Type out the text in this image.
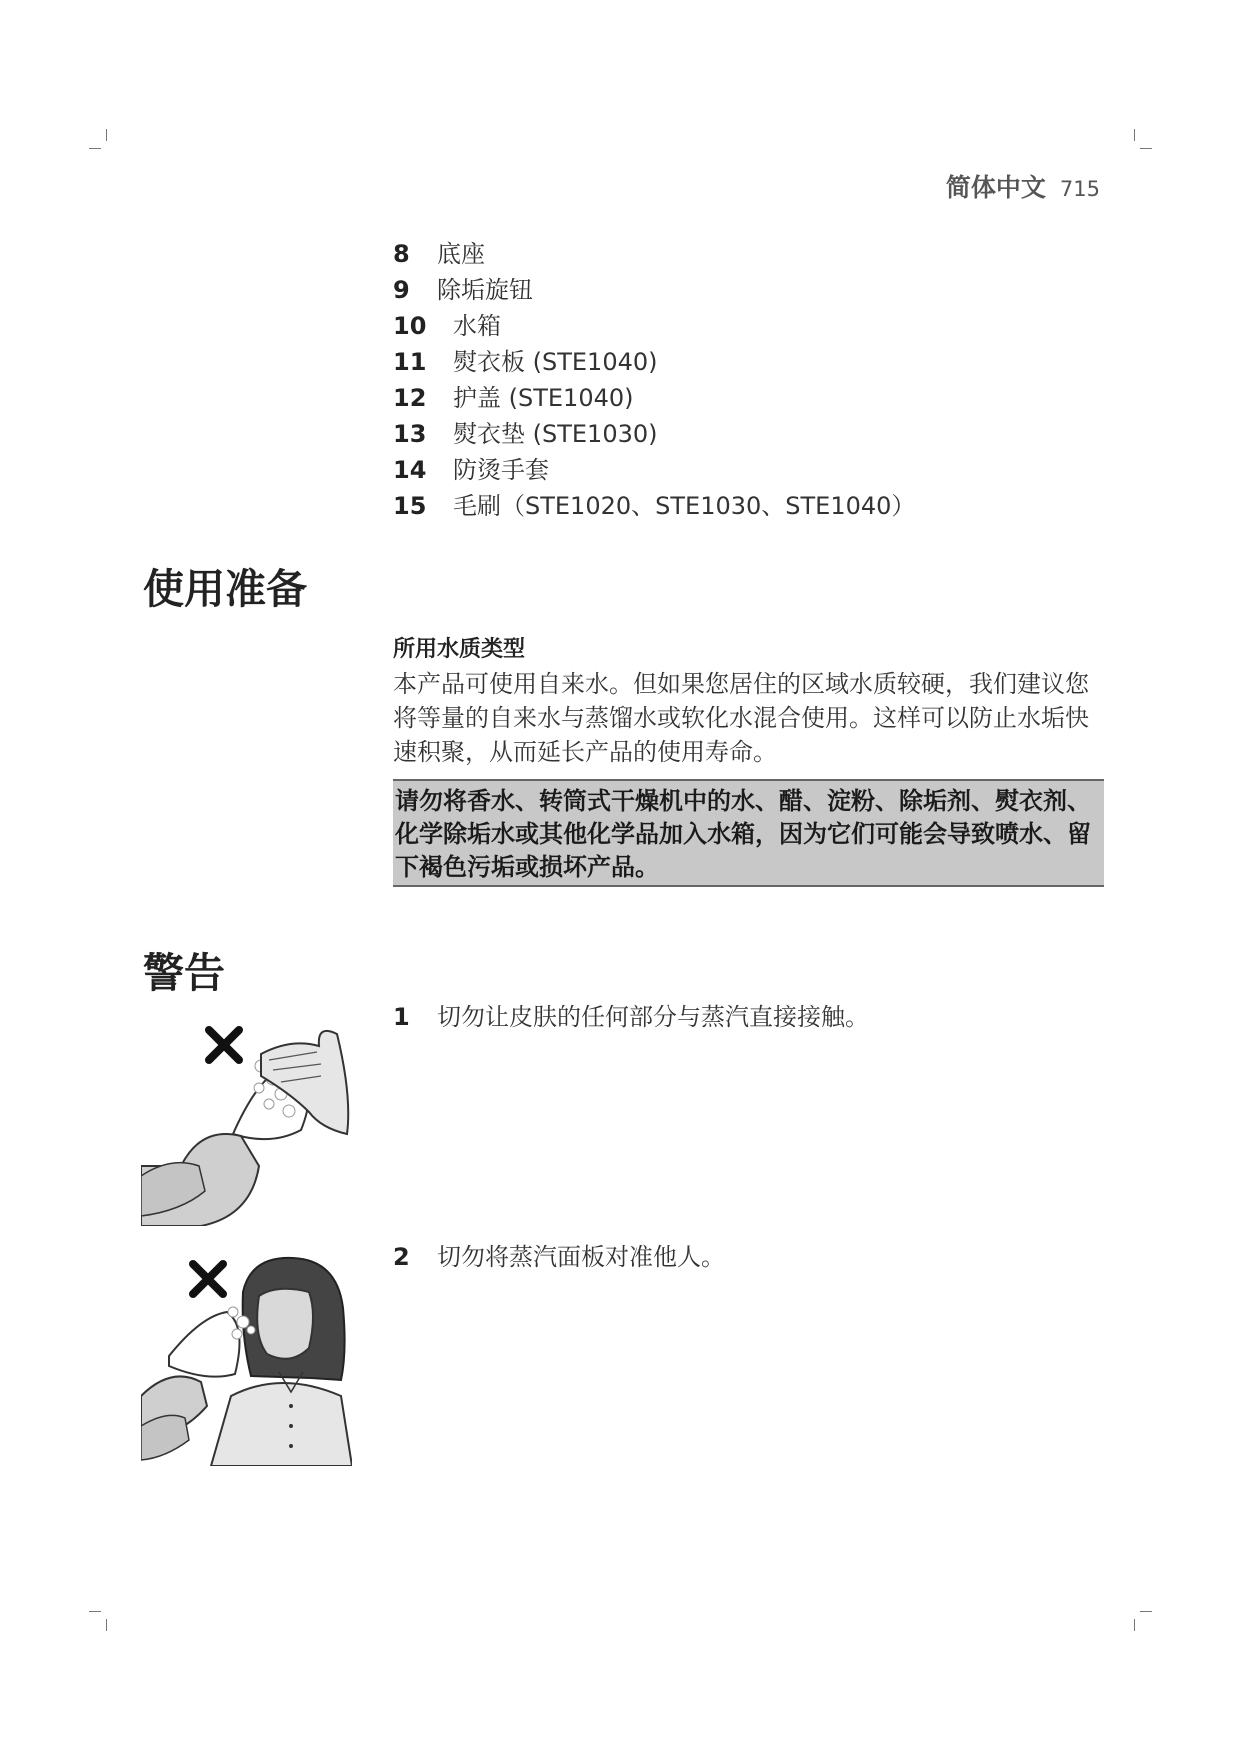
简体中文 715
8	底座
9	除垢旋钮
10	水箱
11	熨衣板 (STE1040)
12	护盖 (STE1040)
13	熨衣垫 (STE1030)
14	防烫手套
15	毛刷（STE1020、STE1030、STE1040）
使用准备
所用水质类型

本产品可使用自来水。但如果您居住的区域水质较硬，我们建议您将等量的自来水与蒸馏水或软化水混合使用。这样可以防止水垢快速积聚，从而延长产品的使用寿命。

请勿将香水、转筒式干燥机中的水、醋、淀粉、除垢剂、熨衣剂、化学除垢水或其他化学品加入水箱，因为它们可能会导致喷水、留下褐色污垢或损坏产品。

警告
1	切勿让皮肤的任何部分与蒸汽直接接触。
2	切勿将蒸汽面板对准他人。
